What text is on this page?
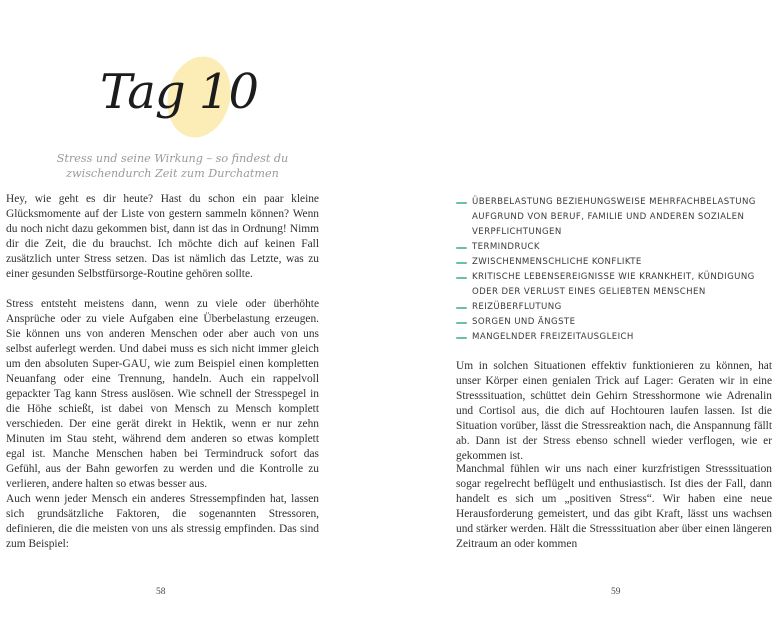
Tag 10
Stress und seine Wirkung – so findest du zwischendurch Zeit zum Durchatmen

Hey, wie geht es dir heute? Hast du schon ein paar kleine Glücksmomente auf der Liste von gestern sammeln können? Wenn du noch nicht dazu gekommen bist, dann ist das in Ordnung! Nimm dir die Zeit, die du brauchst. Ich möchte dich auf keinen Fall zusätzlich unter Stress setzen. Das ist nämlich das Letzte, was zu einer gesunden Selbstfürsorge-Routine gehören sollte.

Stress entsteht meistens dann, wenn zu viele oder überhöhte Ansprüche oder zu viele Aufgaben eine Überbelastung erzeugen. Sie können uns von anderen Menschen oder aber auch von uns selbst auferlegt werden. Und dabei muss es sich nicht immer gleich um den absoluten Super-GAU, wie zum Beispiel einen kompletten Neuanfang oder eine Trennung, handeln. Auch ein rappelvoll gepackter Tag kann Stress auslösen. Wie schnell der Stresspegel in die Höhe schießt, ist dabei von Mensch zu Mensch komplett verschieden. Der eine gerät direkt in Hektik, wenn er nur zehn Minuten im Stau steht, während dem anderen so etwas komplett egal ist. Manche Menschen haben bei Termindruck sofort das Gefühl, aus der Bahn geworfen zu werden und die Kontrolle zu verlieren, andere halten so etwas besser aus.

Auch wenn jeder Mensch ein anderes Stressempfinden hat, lassen sich grundsätzliche Faktoren, die sogenannten Stressoren, definieren, die die meisten von uns als stressig empfinden. Das sind zum Beispiel:

58
ÜBERBELASTUNG BEZIEHUNGSWEISE MEHRFACHBELASTUNG AUFGRUND VON BERUF, FAMILIE UND ANDEREN SOZIALEN VERPFLICHTUNGEN
TERMINDRUCK
ZWISCHENMENSCHLICHE KONFLIKTE
KRITISCHE LEBENSEREIGNISSE WIE KRANKHEIT, KÜNDIGUNG ODER DER VERLUST EINES GELIEBTEN MENSCHEN
REIZÜBERFLUTUNG
SORGEN UND ÄNGSTE
MANGELNDER FREIZEITAUSGLEICH

Um in solchen Situationen effektiv funktionieren zu können, hat unser Körper einen genialen Trick auf Lager: Geraten wir in eine Stresssituation, schüttet dein Gehirn Stresshormone wie Adrenalin und Cortisol aus, die dich auf Hochtouren laufen lassen. Ist die Situation vorüber, lässt die Stressreaktion nach, die Anspannung fällt ab. Dann ist der Stress ebenso schnell wieder verflogen, wie er gekommen ist.

Manchmal fühlen wir uns nach einer kurzfristigen Stresssituation sogar regelrecht beflügelt und enthusiastisch. Ist dies der Fall, dann handelt es sich um „positiven Stress“. Wir haben eine neue Herausforderung gemeistert, und das gibt Kraft, lässt uns wachsen und stärker werden. Hält die Stresssituation aber über einen längeren Zeitraum an oder kommen

59
